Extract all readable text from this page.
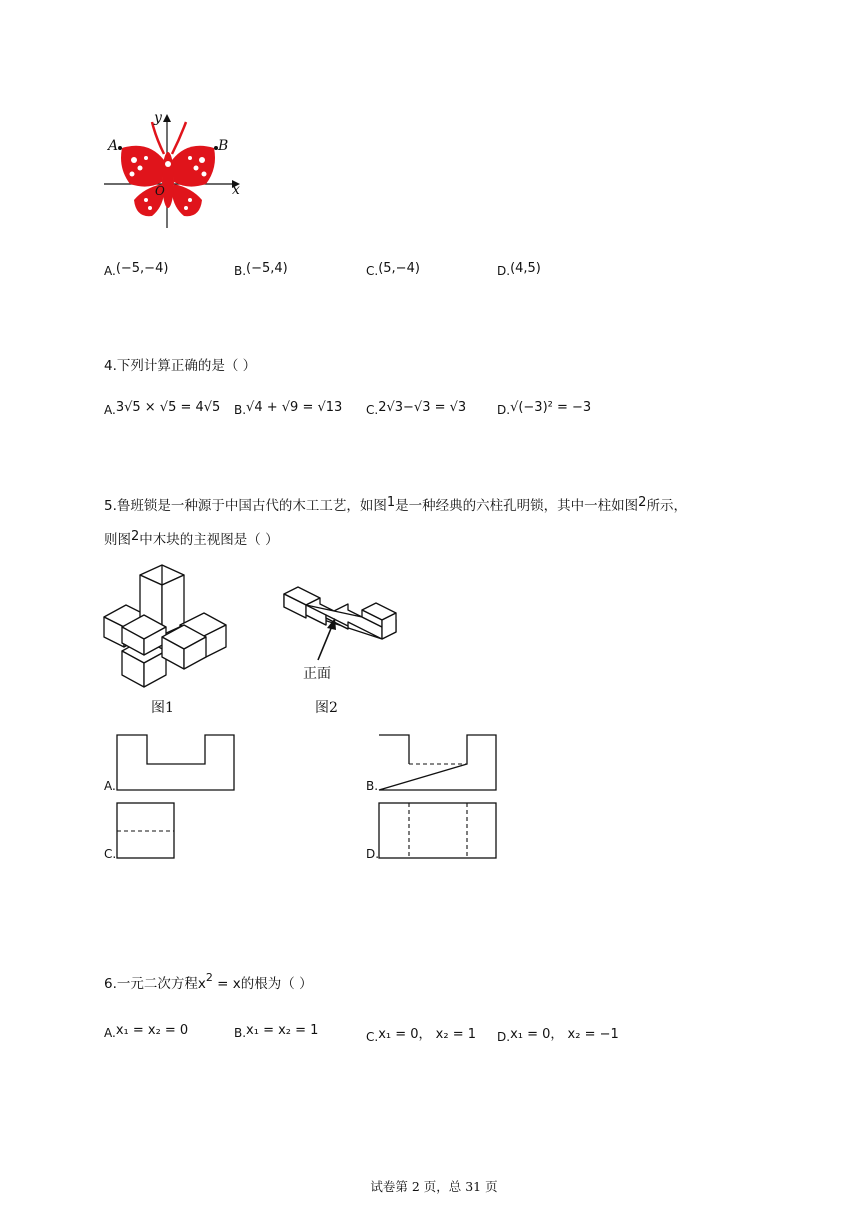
y
x
O
A	B
A.(−5,−4)	B.(−5,4)	C.(5,−4)	D.(4,5)
4.下列计算正确的是（ ）
A.3√5 × √5 = 4√5 B.√4 + √9 = √13 C.2√3−√3 = √3	D.√(−3)² = −3
5.鲁班锁是一种源于中国古代的木工工艺，如图1是一种经典的六柱孔明锁，其中一柱如图2所示，
则图2中木块的主视图是（ ）
图1
正面
图2
A.	B.
C.	D.
6.一元二次方程$x^2 = x$的根为（ ）
A.x₁ = x₂ = 0	B.x₁ = x₂ = 1	C.x₁ = 0， x₂ = 1 D.x₁ = 0， x₂ = −1
试卷第 2 页，总 31 页
